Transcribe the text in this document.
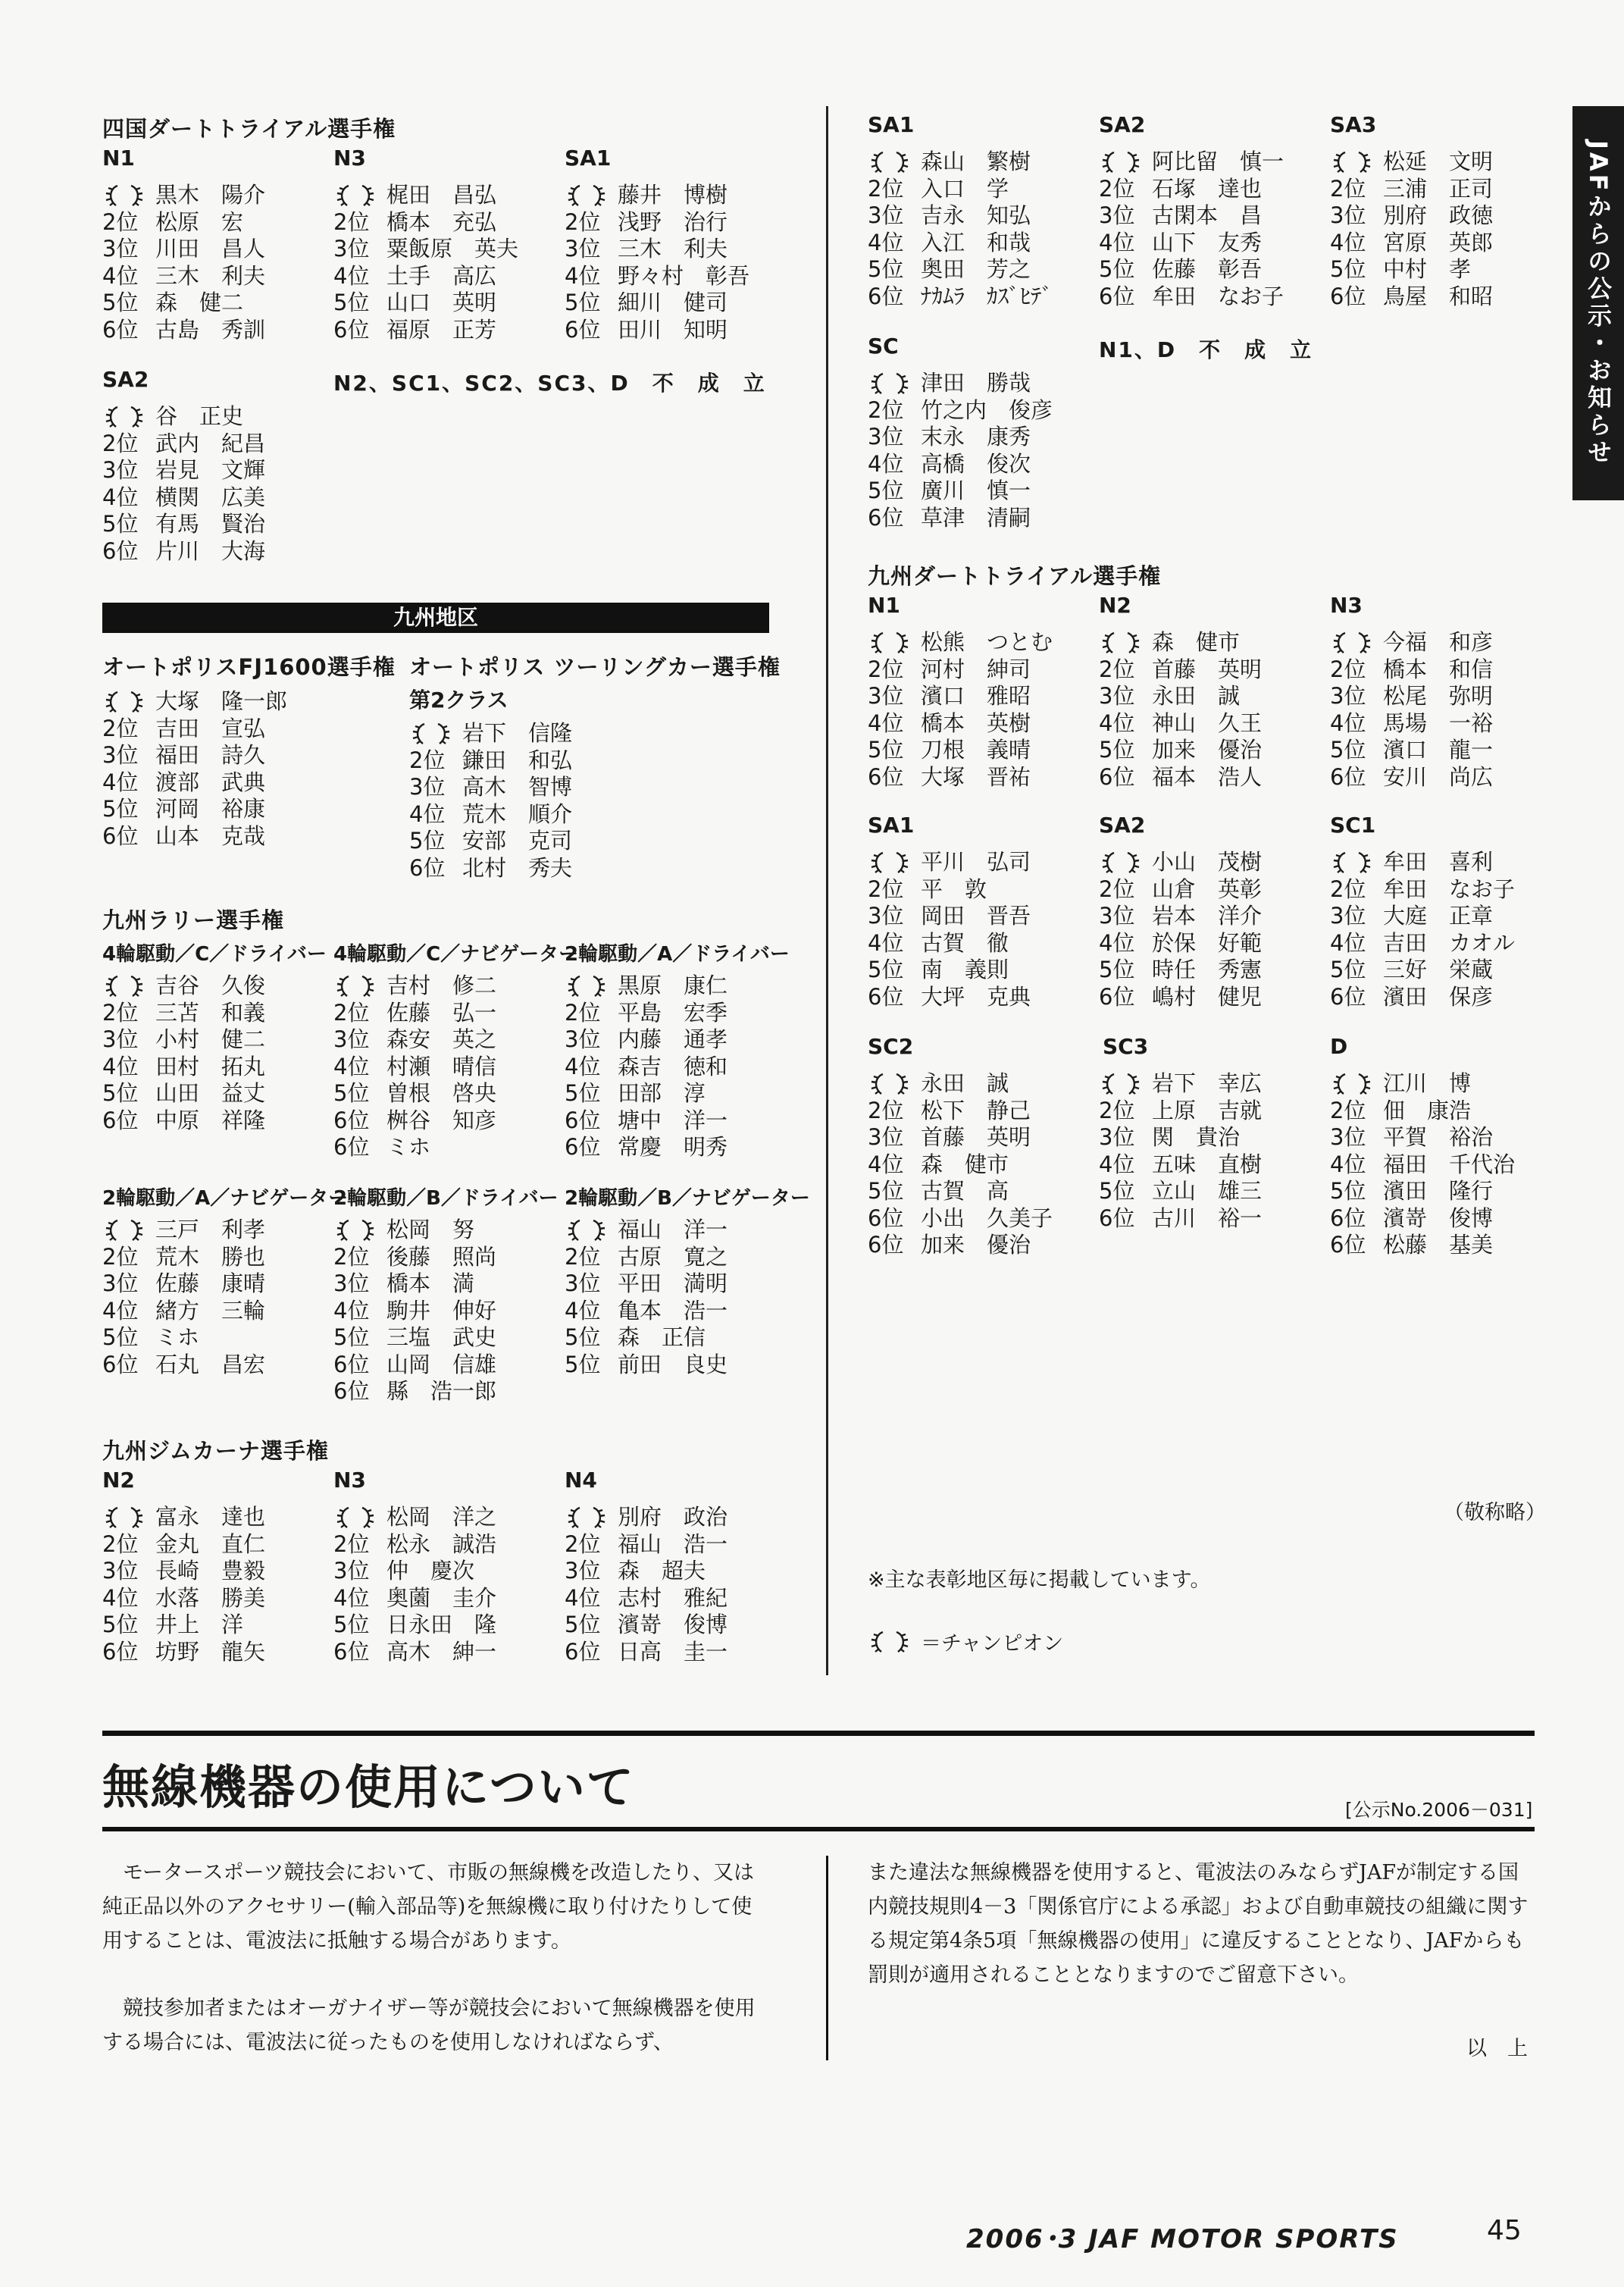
JAFからの公示・お知らせ
四国ダートトライアル選手権
N1
黒木　陽介
2位 松原　宏
3位 川田　昌人
4位 三木　利夫
5位 森　健二
6位 古島　秀訓
N3
梶田　昌弘
2位 橋本　充弘
3位 粟飯原　英夫
4位 土手　高広
5位 山口　英明
6位 福原　正芳
SA1
藤井　博樹
2位 浅野　治行
3位 三木　利夫
4位 野々村　彰吾
5位 細川　健司
6位 田川　知明
SA2
谷　正史
2位 武内　紀昌
3位 岩見　文輝
4位 横関　広美
5位 有馬　賢治
6位 片川　大海
N2、SC1、SC2、SC3、D　不　成　立
九州地区
オートポリスFJ1600選手権
大塚　隆一郎
2位 吉田　宣弘
3位 福田　詩久
4位 渡部　武典
5位 河岡　裕康
6位 山本　克哉
オートポリス ツーリングカー選手権
第2クラス
岩下　信隆
2位 鎌田　和弘
3位 高木　智博
4位 荒木　順介
5位 安部　克司
6位 北村　秀夫
九州ラリー選手権
4輪駆動／C／ドライバー
吉谷　久俊
2位 三苫　和義
3位 小村　健二
4位 田村　拓丸
5位 山田　益丈
6位 中原　祥隆
4輪駆動／C／ナビゲーター
吉村　修二
2位 佐藤　弘一
3位 森安　英之
4位 村瀬　晴信
5位 曽根　啓央
6位 桝谷　知彦
6位 ミホ
2輪駆動／A／ドライバー
黒原　康仁
2位 平島　宏季
3位 内藤　通孝
4位 森吉　徳和
5位 田部　淳
6位 塘中　洋一
6位 常慶　明秀
2輪駆動／A／ナビゲーター
三戸　利孝
2位 荒木　勝也
3位 佐藤　康晴
4位 緒方　三輪
5位 ミホ
6位 石丸　昌宏
2輪駆動／B／ドライバー
松岡　努
2位 後藤　照尚
3位 橋本　満
4位 駒井　伸好
5位 三塩　武史
6位 山岡　信雄
6位 縣　浩一郎
2輪駆動／B／ナビゲーター
福山　洋一
2位 古原　寛之
3位 平田　満明
4位 亀本　浩一
5位 森　正信
5位 前田　良史
九州ジムカーナ選手権
N2
富永　達也
2位 金丸　直仁
3位 長崎　豊毅
4位 水落　勝美
5位 井上　洋
6位 坊野　龍矢
N3
松岡　洋之
2位 松永　誠浩
3位 仲　慶次
4位 奥薗　圭介
5位 日永田　隆
6位 高木　紳一
N4
別府　政治
2位 福山　浩一
3位 森　超夫
4位 志村　雅紀
5位 濱嵜　俊博
6位 日高　圭一
SA1
森山　繁樹
2位 入口　学
3位 吉永　知弘
4位 入江　和哉
5位 奥田　芳之
6位 ﾅｶﾑﾗ　ｶｽﾞﾋﾃﾞ
SA2
阿比留　慎一
2位 石塚　達也
3位 古閑本　昌
4位 山下　友秀
5位 佐藤　彰吾
6位 牟田　なお子
SA3
松延　文明
2位 三浦　正司
3位 別府　政徳
4位 宮原　英郎
5位 中村　孝
6位 鳥屋　和昭
SC
津田　勝哉
2位 竹之内　俊彦
3位 末永　康秀
4位 高橋　俊次
5位 廣川　慎一
6位 草津　清嗣
N1、D　不　成　立
九州ダートトライアル選手権
N1
松熊　つとむ
2位 河村　紳司
3位 濱口　雅昭
4位 橋本　英樹
5位 刀根　義晴
6位 大塚　晋祐
N2
森　健市
2位 首藤　英明
3位 永田　誠
4位 神山　久王
5位 加来　優治
6位 福本　浩人
N3
今福　和彦
2位 橋本　和信
3位 松尾　弥明
4位 馬場　一裕
5位 濱口　龍一
6位 安川　尚広
SA1
平川　弘司
2位 平　敦
3位 岡田　晋吾
4位 古賀　徹
5位 南　義則
6位 大坪　克典
SA2
小山　茂樹
2位 山倉　英彰
3位 岩本　洋介
4位 於保　好範
5位 時任　秀憲
6位 嶋村　健児
SC1
牟田　喜利
2位 牟田　なお子
3位 大庭　正章
4位 吉田　カオル
5位 三好　栄蔵
6位 濱田　保彦
SC2
永田　誠
2位 松下　静己
3位 首藤　英明
4位 森　健市
5位 古賀　高
6位 小出　久美子
6位 加来　優治
SC3
岩下　幸広
2位 上原　吉就
3位 関　貴治
4位 五味　直樹
5位 立山　雄三
6位 古川　裕一
D
江川　博
2位 佃　康浩
3位 平賀　裕治
4位 福田　千代治
5位 濱田　隆行
6位 濱嵜　俊博
6位 松藤　基美
（敬称略）
※主な表彰地区毎に掲載しています。
＝チャンピオン
無線機器の使用について	[公示No.2006－031]

モータースポーツ競技会において、市販の無線機を改造したり、又は純正品以外のアクセサリー(輸入部品等)を無線機に取り付けたりして使用することは、電波法に抵触する場合があります。

競技参加者またはオーガナイザー等が競技会において無線機器を使用する場合には、電波法に従ったものを使用しなければならず、

また違法な無線機器を使用すると、電波法のみならずJAFが制定する国内競技規則4－3「関係官庁による承認」および自動車競技の組織に関する規定第4条5項「無線機器の使用」に違反することとなり、JAFからも罰則が適用されることとなりますのでご留意下さい。

以　上
2006･3 JAF MOTOR SPORTS	45
